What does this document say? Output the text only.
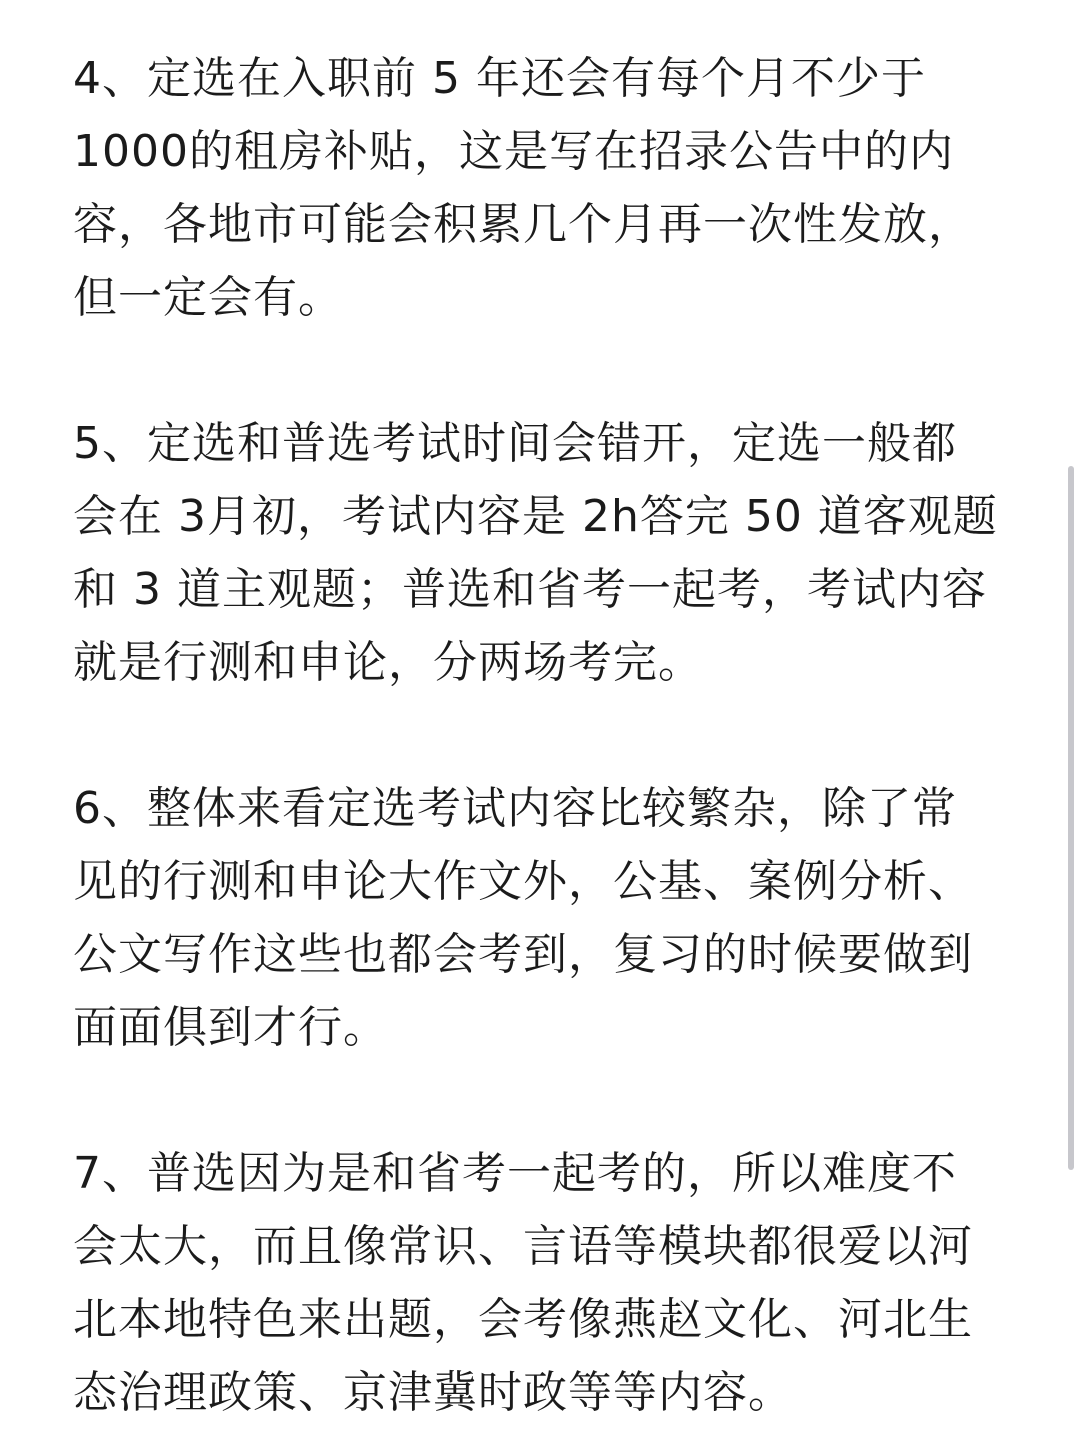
4、定选在入职前 5 年还会有每个月不少于
1000的租房补贴，这是写在招录公告中的内
容，各地市可能会积累几个月再一次性发放，
但一定会有。
5、定选和普选考试时间会错开，定选一般都
会在 3月初，考试内容是 2h答完 50 道客观题
和 3 道主观题；普选和省考一起考，考试内容
就是行测和申论，分两场考完。
6、整体来看定选考试内容比较繁杂，除了常
见的行测和申论大作文外，公基、案例分析、
公文写作这些也都会考到，复习的时候要做到
面面俱到才行。
7、普选因为是和省考一起考的，所以难度不
会太大，而且像常识、言语等模块都很爱以河
北本地特色来出题，会考像燕赵文化、河北生
态治理政策、京津冀时政等等内容。
